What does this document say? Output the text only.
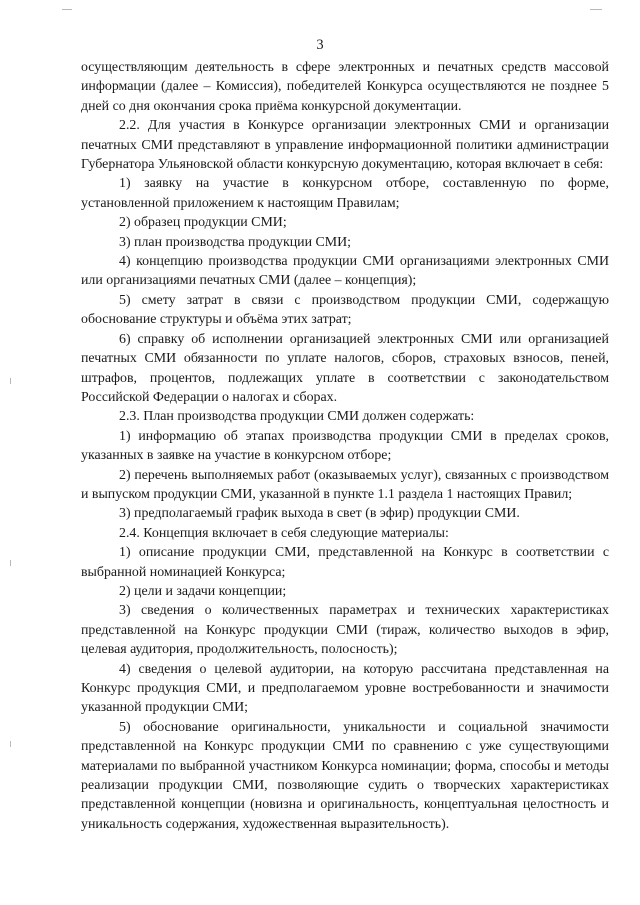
3

осуществляющим деятельность в сфере электронных и печатных средств массовой информации (далее – Комиссия), победителей Конкурса осуществляются не позднее 5 дней со дня окончания срока приёма конкурсной документации.

2.2. Для участия в Конкурсе организации электронных СМИ и организации печатных СМИ представляют в управление информационной политики администрации Губернатора Ульяновской области конкурсную документацию, которая включает в себя:

1) заявку на участие в конкурсном отборе, составленную по форме, установленной приложением к настоящим Правилам;

2) образец продукции СМИ;

3) план производства продукции СМИ;

4) концепцию производства продукции СМИ организациями электронных СМИ или организациями печатных СМИ (далее – концепция);

5) смету затрат в связи с производством продукции СМИ, содержащую обоснование структуры и объёма этих затрат;

6) справку об исполнении организацией электронных СМИ или организацией печатных СМИ обязанности по уплате налогов, сборов, страховых взносов, пеней, штрафов, процентов, подлежащих уплате в соответствии с законодательством Российской Федерации о налогах и сборах.

2.3. План производства продукции СМИ должен содержать:

1) информацию об этапах производства продукции СМИ в пределах сроков, указанных в заявке на участие в конкурсном отборе;

2) перечень выполняемых работ (оказываемых услуг), связанных с производством и выпуском продукции СМИ, указанной в пункте 1.1 раздела 1 настоящих Правил;

3) предполагаемый график выхода в свет (в эфир) продукции СМИ.

2.4. Концепция включает в себя следующие материалы:

1) описание продукции СМИ, представленной на Конкурс в соответствии с выбранной номинацией Конкурса;

2) цели и задачи концепции;

3) сведения о количественных параметрах и технических характеристиках представленной на Конкурс продукции СМИ (тираж, количество выходов в эфир, целевая аудитория, продолжительность, полосность);

4) сведения о целевой аудитории, на которую рассчитана представленная на Конкурс продукция СМИ, и предполагаемом уровне востребованности и значимости указанной продукции СМИ;

5) обоснование оригинальности, уникальности и социальной значимости представленной на Конкурс продукции СМИ по сравнению с уже существующими материалами по выбранной участником Конкурса номинации; форма, способы и методы реализации продукции СМИ, позволяющие судить о творческих характеристиках представленной концепции (новизна и оригинальность, концептуальная целостность и уникальность содержания, художественная выразительность).
